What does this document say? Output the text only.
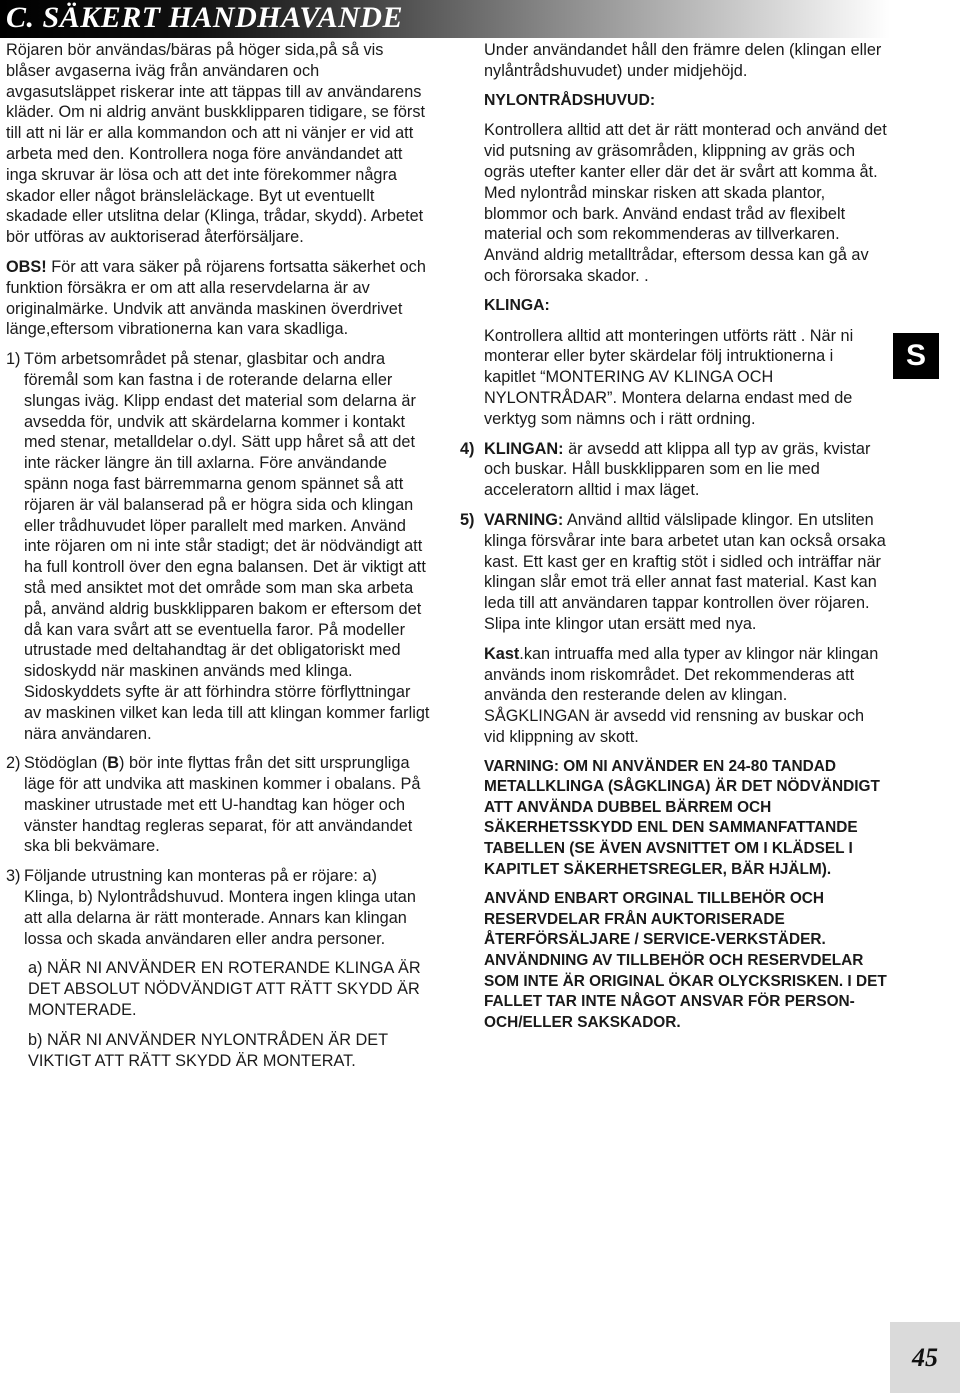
C. SÄKERT HANDHAVANDE

Röjaren bör användas/bäras på höger sida,på så vis blåser avgaserna iväg från användaren och avgasutsläppet riskerar inte att täppas till av användarens kläder. Om ni aldrig använt buskklipparen tidigare, se först till att ni lär er alla kommandon och att ni vänjer er vid att arbeta med den. Kontrollera noga före användandet att inga skruvar är lösa och att det inte förekommer några skador eller något bränsleläckage. Byt ut eventuellt skadade eller utslitna delar (Klinga, trådar, skydd). Arbetet bör utföras av auktoriserad återförsäljare.

OBS! För att vara säker på röjarens fortsatta säkerhet och funktion försäkra er om att alla reservdelarna är av originalmärke. Undvik att använda maskinen överdrivet länge,eftersom vibrationerna kan vara skadliga.

1) Töm arbetsområdet på stenar, glasbitar och andra föremål som kan fastna i de roterande delarna eller slungas iväg. Klipp endast det material som delarna är avsedda för, undvik att skärdelarna kommer i kontakt med stenar, metalldelar o.dyl. Sätt upp håret så att det inte räcker längre än till axlarna. Före användande spänn noga fast bärremmarna genom spännet så att röjaren är väl balanserad på er högra sida och klingan eller trådhuvudet löper parallelt med marken. Använd inte röjaren om ni inte står stadigt; det är nödvändigt att ha full kontroll över den egna balansen. Det är viktigt att stå med ansiktet mot det område som man ska arbeta på, använd aldrig buskklipparen bakom er eftersom det då kan vara svårt att se eventuella faror. På modeller utrustade med deltahandtag är det obligatoriskt med sidoskydd när maskinen används med klinga. Sidoskyddets syfte är att förhindra större förflyttningar av maskinen vilket kan leda till att klingan kommer farligt nära användaren.

2) Stödöglan (B) bör inte flyttas från det sitt ursprungliga läge för att undvika att maskinen kommer i obalans. På maskiner utrustade met ett U-handtag kan höger och vänster handtag regleras separat, för att användandet ska bli bekvämare.

3) Följande utrustning kan monteras på er röjare: a) Klinga, b) Nylontrådshuvud. Montera ingen klinga utan att alla delarna är rätt monterade. Annars kan klingan lossa och skada användaren eller andra personer.

a) NÄR NI ANVÄNDER EN ROTERANDE KLINGA ÄR DET ABSOLUT NÖDVÄNDIGT ATT RÄTT SKYDD ÄR MONTERADE.

b) NÄR NI ANVÄNDER NYLONTRÅDEN ÄR DET VIKTIGT ATT RÄTT SKYDD ÄR MONTERAT.

Under användandet håll den främre delen (klingan eller nylåntrådshuvudet) under midjehöjd.

NYLONTRÅDSHUVUD:

Kontrollera alltid att det är rätt monterad och använd det vid putsning av gräsområden, klippning av gräs och ogräs utefter kanter eller där det är svårt att komma åt. Med nylontråd minskar risken att skada plantor, blommor och bark. Använd endast tråd av flexibelt material och som rekommenderas av tillverkaren. Använd aldrig metalltrådar, eftersom dessa kan gå av och förorsaka skador. .

KLINGA:

Kontrollera alltid att monteringen utförts rätt . När ni monterar eller byter skärdelar följ intruktionerna i kapitlet “MONTERING AV KLINGA OCH NYLONTRÅDAR”. Montera delarna endast med de verktyg som nämns och i rätt ordning.

4) KLINGAN: är avsedd att klippa all typ av gräs, kvistar och buskar. Håll buskklipparen som en lie med acceleratorn alltid i max läget.

5) VARNING: Använd alltid välslipade klingor. En utsliten klinga försvårar inte bara arbetet utan kan också orsaka kast. Ett kast ger en kraftig stöt i sidled och inträffar när klingan slår emot trä eller annat fast material. Kast kan leda till att användaren tappar kontrollen över röjaren. Slipa inte klingor utan ersätt med nya.

Kast.kan intruaffa med alla typer av klingor när klingan används inom riskområdet. Det rekommenderas att använda den resterande delen av klingan.

SÅGKLINGAN är avsedd vid rensning av buskar och vid klippning av skott.

VARNING: OM NI ANVÄNDER EN 24-80 TANDAD METALLKLINGA (SÅGKLINGA) ÄR DET NÖDVÄNDIGT ATT ANVÄNDA DUBBEL BÄRREM OCH SÄKERHETSSKYDD ENL DEN SAMMANFATTANDE TABELLEN (SE ÄVEN AVSNITTET OM I KLÄDSEL I KAPITLET SÄKERHETSREGLER, BÄR HJÄLM).

ANVÄND ENBART ORGINAL TILLBEHÖR OCH RESERVDELAR FRÅN AUKTORISERADE ÅTERFÖRSÄLJARE / SERVICE-VERKSTÄDER. ANVÄNDNING AV TILLBEHÖR OCH RESERVDELAR SOM INTE ÄR ORIGINAL ÖKAR OLYCKSRISKEN. I DET FALLET TAR INTE NÅGOT ANSVAR FÖR PERSON- OCH/ELLER SAKSKADOR.

S
45
